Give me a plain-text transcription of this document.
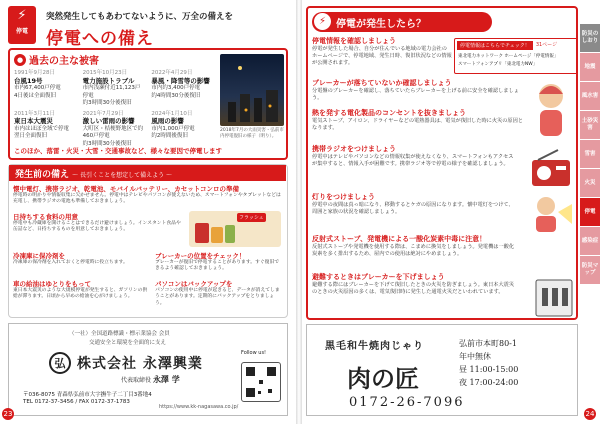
⚡
停電
突然発生してもあわてないように、万全の備えを
停電への備え
● 過去の主な被害
1991年9月28日
台風19号
市内67,400戸停電
4日後は全面復旧
2015年10月23日
電力施設トラブル
市内浅瀬付近11,123戸停電
約3時間30分後復旧
2022年4月29日
暴風・降雪等の影響
市内約3,400戸停電
約4時間30分後復旧
2011年3月11日
東日本大震災
市内はほぼ全域で停電
翌日全面復旧
2021年7月29日
激しい雷雨の影響
大町区・桔梗野地区で約460戸停電
約3時間30分後復旧
2024年1月10日
風雨の影響
市内1,000戸停電
約2時間後復旧
2018年7月の大雨災害・弘前市内停電復旧の様子（明り）。
このほか、落雷・火災・大雪・交通事故など、様々な要因で停電します
発生前の備え ～ 長引くことを想定して備えよう ～
懐中電灯、携帯ラジオ、乾電池、モバイルバッテリー、カセットコンロの準備
停電時の明かりや情報収集に欠かせません。停電中はテレビやパソコンが使えないため、スマートフォンやタブレットなどは充電し、携帯ラジオの電池も準備しておきましょう。
日持ちする食料の用意
停電中も冷蔵庫を開けることはできるだけ避けましょう。インスタント食品や缶詰など、日持ちするものを用意しておきましょう。
フラッシュ
冷凍庫に保冷剤を
冷凍庫の保冷剤を入れておくと停電時に役立ちます。
ブレーカーの位置をチェック！
ブレーカーが復旧で停電することがあります。すぐ復旧できるよう確認しておきましょう。
車の給油はゆとりをもって
東日本大震災のような大規模停電が発生すると、ガソリンの供給が滞ります。日頃から早めの給油を心がけましょう。
パソコンはバックアップを
パソコンの使用中に停電が起きると、データが消えてしまうことがあります。定期的にバックアップをとりましょう。
（一社）全国道路標識・標示業協会 会員
交通安全と環境を全面的に支え
弘 株式会社 永澤興業
代表取締役 永澤 学
〒036-8075 青森県弘前市大字撫牛子二丁目3番地4
TEL 0172-37-3456 / FAX 0172-37-1783
https://www.kk-nagasawa.co.jp/
Follow us!
23
⚡ 停電が発生したら？
停電情報はこちらでチェック！	31ページ
東北電力ネットワーク ホームページ「停電情報」
スマートフォンアプリ「東北電力NW」
停電情報を確認しましょう
停電が発生した場合、自分が住んでいる地域の電力会社のホームページで、停電地域、発生日時、復旧状況などの情報が公開されます。
ブレーカーが落ちていないか確認しましょう
分電盤のブレーカーを確認し、落ちていたらブレーカーを上げる前に安全を確認しましょう。
熱を発する電化製品のコンセントを抜きましょう
電気ストーブ、アイロン、ドライヤーなどの電熱器具は、電気が復旧した時に火災の原因となります。
携帯ラジオをつけましょう
停電中はテレビやパソコンなどの情報収集が使えなくなり、スマートフォンもアクセスが集中すると、情報入手が困難です。携帯ラジオ等で停電の様子を確認しましょう。
灯りをつけましょう
停電中の夜間は真っ暗になり、移動するとケガの原因になります。懐中電灯をつけて、周囲と家族の状況を確認しましょう。
反射式ストーブ、発電機による一酸化炭素中毒に注意！
反射式ストーブや発電機を使用する際は、こまめに換気をしましょう。発電機は一酸化炭素を多く排出するため、屋内での使用は絶対にやめましょう。
避難するときはブレーカーを下げましょう
避難する際にはブレーカーを下げて復旧したときの火災を防ぎましょう。東日本大震災のときの火災原因の多くは、電気復旧時に発生した通電火災だといわれています。
防災のしおり
地震
風水害
土砂災害
雪害
火災
停電
感染症
防災マップ
黒毛和牛焼肉じゃり
肉の匠
0172-26-7096
弘前市本町80-1
年中無休
昼 11:00-15:00
夜 17:00-24:00
24
